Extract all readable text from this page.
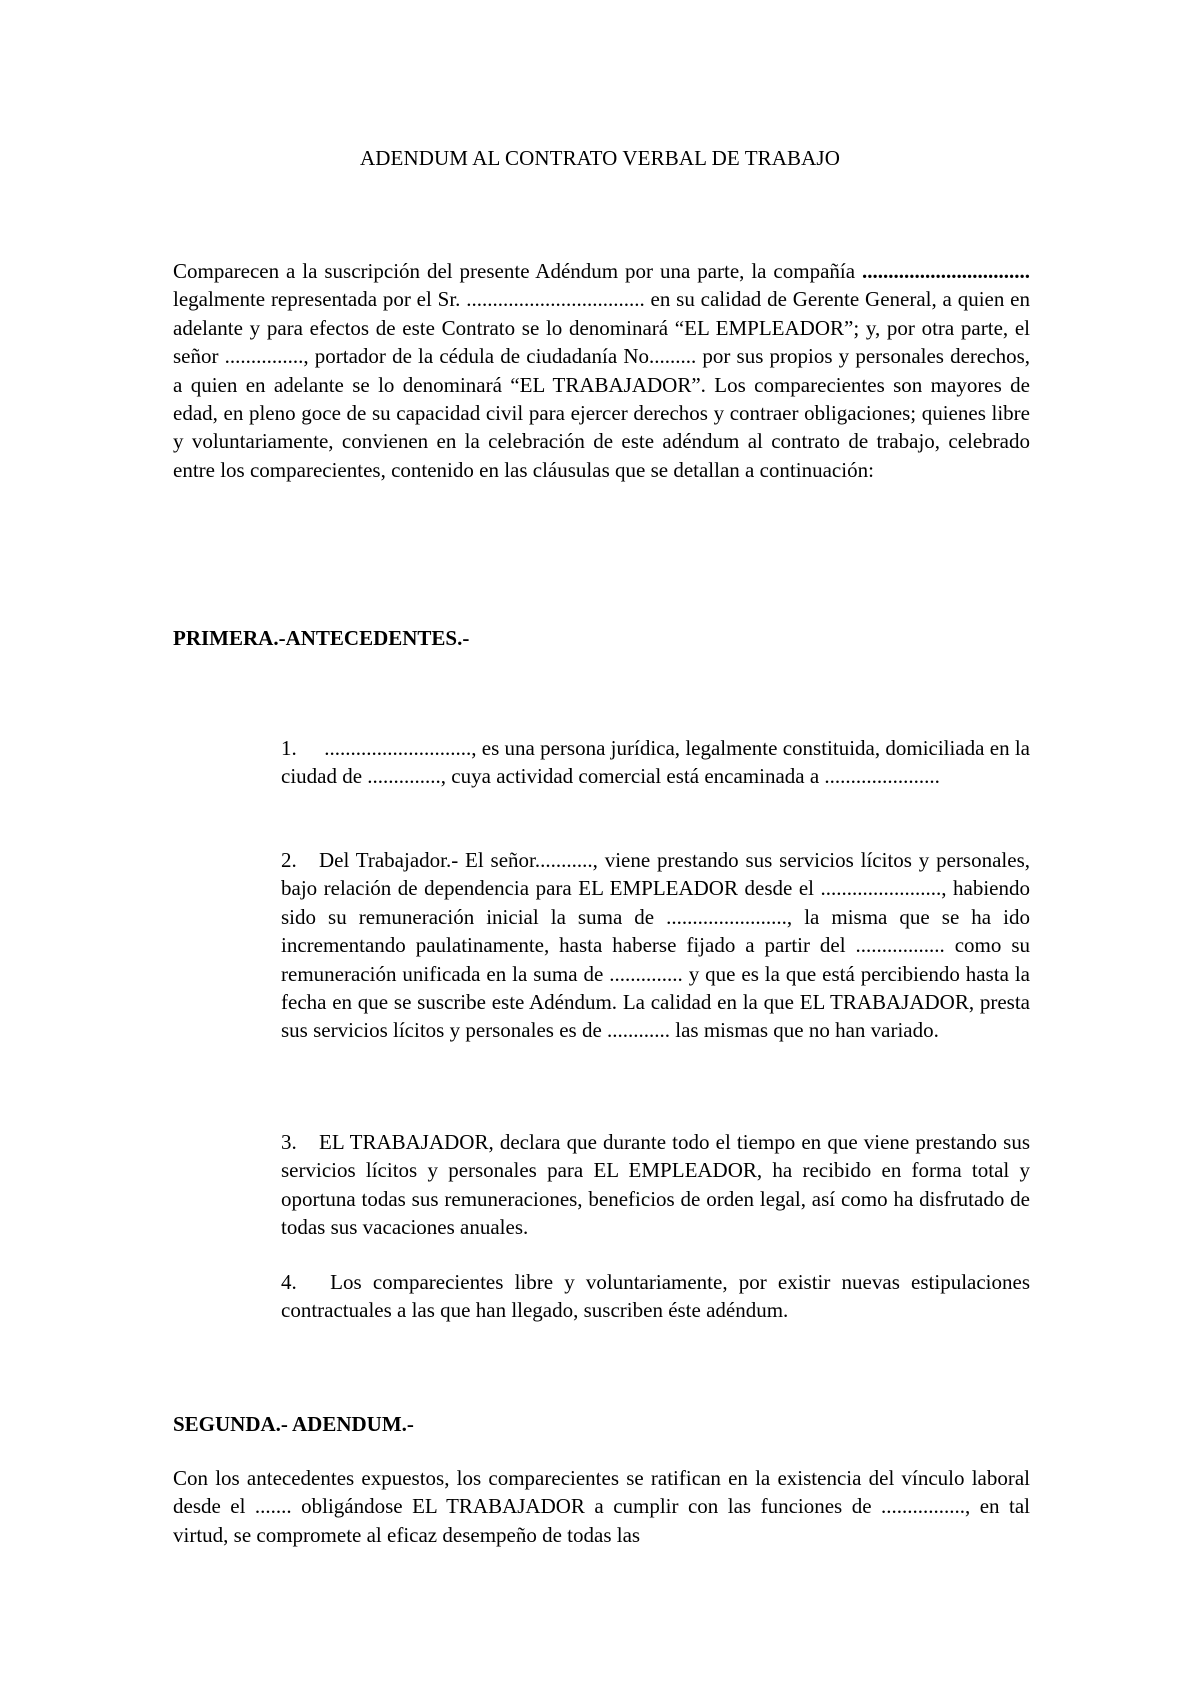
ADENDUM AL CONTRATO VERBAL DE TRABAJO

Comparecen a la suscripción del presente Adéndum por una parte, la compañía ................................ legalmente representada por el Sr. .................................. en su calidad de Gerente General, a quien en adelante y para efectos de este Contrato se lo denominará “EL EMPLEADOR”; y, por otra parte, el señor ..............., portador de la cédula de ciudadanía No......... por sus propios y personales derechos, a quien en adelante se lo denominará “EL TRABAJADOR”. Los comparecientes son mayores de edad, en pleno goce de su capacidad civil para ejercer derechos y contraer obligaciones; quienes libre y voluntariamente, convienen en la celebración de este adéndum al contrato de trabajo, celebrado entre los comparecientes, contenido en las cláusulas que se detallan a continuación:

PRIMERA.-ANTECEDENTES.-

1. ............................, es una persona jurídica, legalmente constituida, domiciliada en la ciudad de .............., cuya actividad comercial está encaminada a ......................

2. Del Trabajador.- El señor..........., viene prestando sus servicios lícitos y personales, bajo relación de dependencia para EL EMPLEADOR desde el ......................., habiendo sido su remuneración inicial la suma de ......................., la misma que se ha ido incrementando paulatinamente, hasta haberse fijado a partir del ................. como su remuneración unificada en la suma de .............. y que es la que está percibiendo hasta la fecha en que se suscribe este Adéndum. La calidad en la que EL TRABAJADOR, presta sus servicios lícitos y personales es de ............ las mismas que no han variado.

3. EL TRABAJADOR, declara que durante todo el tiempo en que viene prestando sus servicios lícitos y personales para EL EMPLEADOR, ha recibido en forma total y oportuna todas sus remuneraciones, beneficios de orden legal, así como ha disfrutado de todas sus vacaciones anuales.

4. Los comparecientes libre y voluntariamente, por existir nuevas estipulaciones contractuales a las que han llegado, suscriben éste adéndum.

SEGUNDA.- ADENDUM.-

Con los antecedentes expuestos, los comparecientes se ratifican en la existencia del vínculo laboral desde el ....... obligándose EL TRABAJADOR a cumplir con las funciones de ................, en tal virtud, se compromete al eficaz desempeño de todas las
